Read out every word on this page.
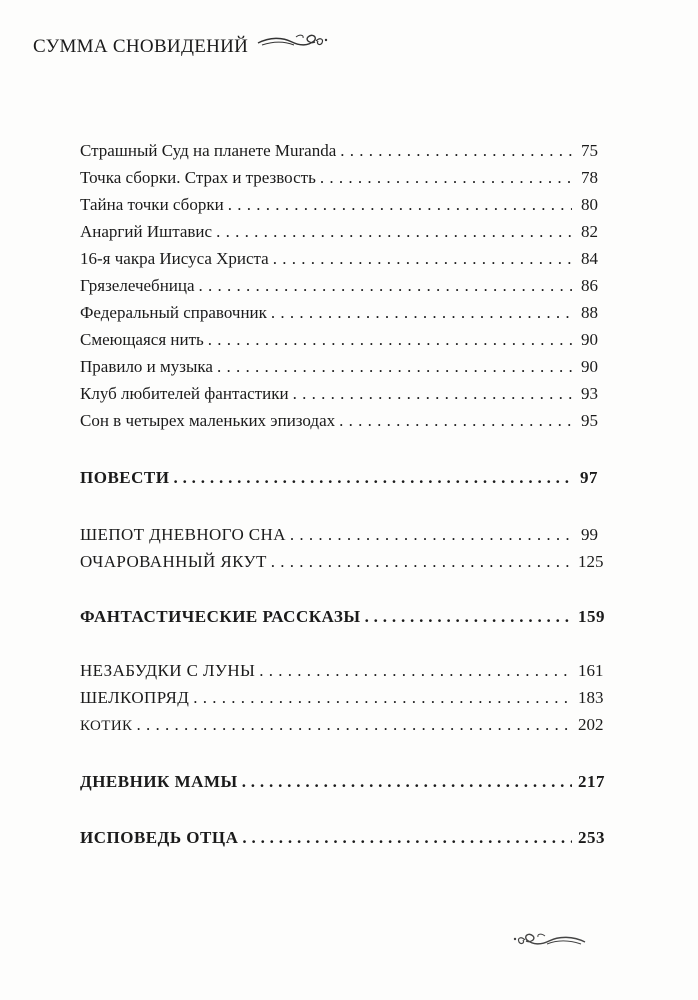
СУММА СНОВИДЕНИЙ
Страшный Суд на планете Muranda . . .	75
Точка сборки. Страх и трезвость . . .	78
Тайна точки сборки . . .	80
Анаргий Иштавис . . .	82
16-я чакра Иисуса Христа . . .	84
Грязелечебница . . .	86
Федеральный справочник . . .	88
Смеющаяся нить . . .	90
Правило и музыка . . .	90
Клуб любителей фантастики . . .	93
Сон в четырех маленьких эпизодах . . .	95
ПОВЕСТИ . . .	97
ШЕПОТ ДНЕВНОГО СНА . . .	99
ОЧАРОВАННЫЙ ЯКУТ . . .	125
ФАНТАСТИЧЕСКИЕ РАССКАЗЫ . . .	159
НЕЗАБУДКИ С ЛУНЫ . . .	161
ШЕЛКОПРЯД . . .	183
КОТИК . . .	202
ДНЕВНИК МАМЫ . . .	217
ИСПОВЕДЬ ОТЦА . . .	253
